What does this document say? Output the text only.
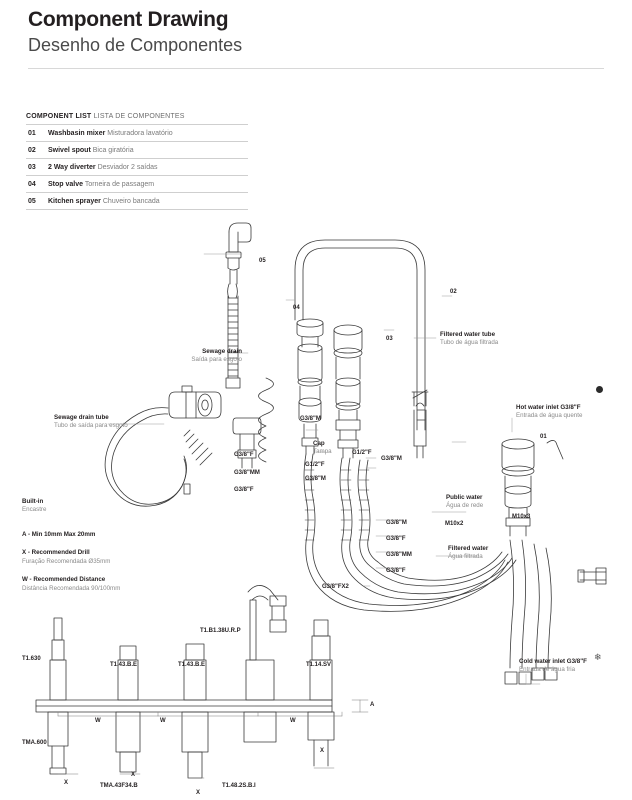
Component Drawing
Desenho de Componentes
COMPONENT LIST LISTA DE COMPONENTES
01	Washbasin mixer Misturadora lavatório
02	Swivel spout Bica giratória
03	2 Way diverter Desviador 2 saídas
04	Stop valve Torneira de passagem
05	Kitchen sprayer Chuveiro bancada
❄
05
04
03
02
01
Sewage drain
Saída para esgoto
Sewage drain tube
Tubo de saída para esgoto
Filtered water tube
Tubo de água filtrada
Hot water inlet G3/8"F
Entrada de água quente
Cold water inlet G3/8"F
Entrada de água fria
Public water
Água de rede
Filtered water
Água filtrada
Cap
Tampa
Built-in
Encastre
A - Min 10mm Max 20mm
X - Recommended Drill
Furação Recomendada Ø35mm
W - Recommended Distance
Distância Recomendada 90/100mm
G3/8"M
G3/8"F
G3/8"MM
G3/8"F
G1/2"F
G3/8"M
G1/2"F
G3/8"M
G3/8"M
G3/8"F
G3/8"MM
G3/8"F
G3/8"FX2
M10x2
M10x3
T1.630
T1.43.B.E	T1.43.B.E
T1.B1.38U.R.P
T1.14.SV
TMA.600
TMA.43F34.B	T1.48.2S.B.I
W	W	W
A
X
X
X
X
